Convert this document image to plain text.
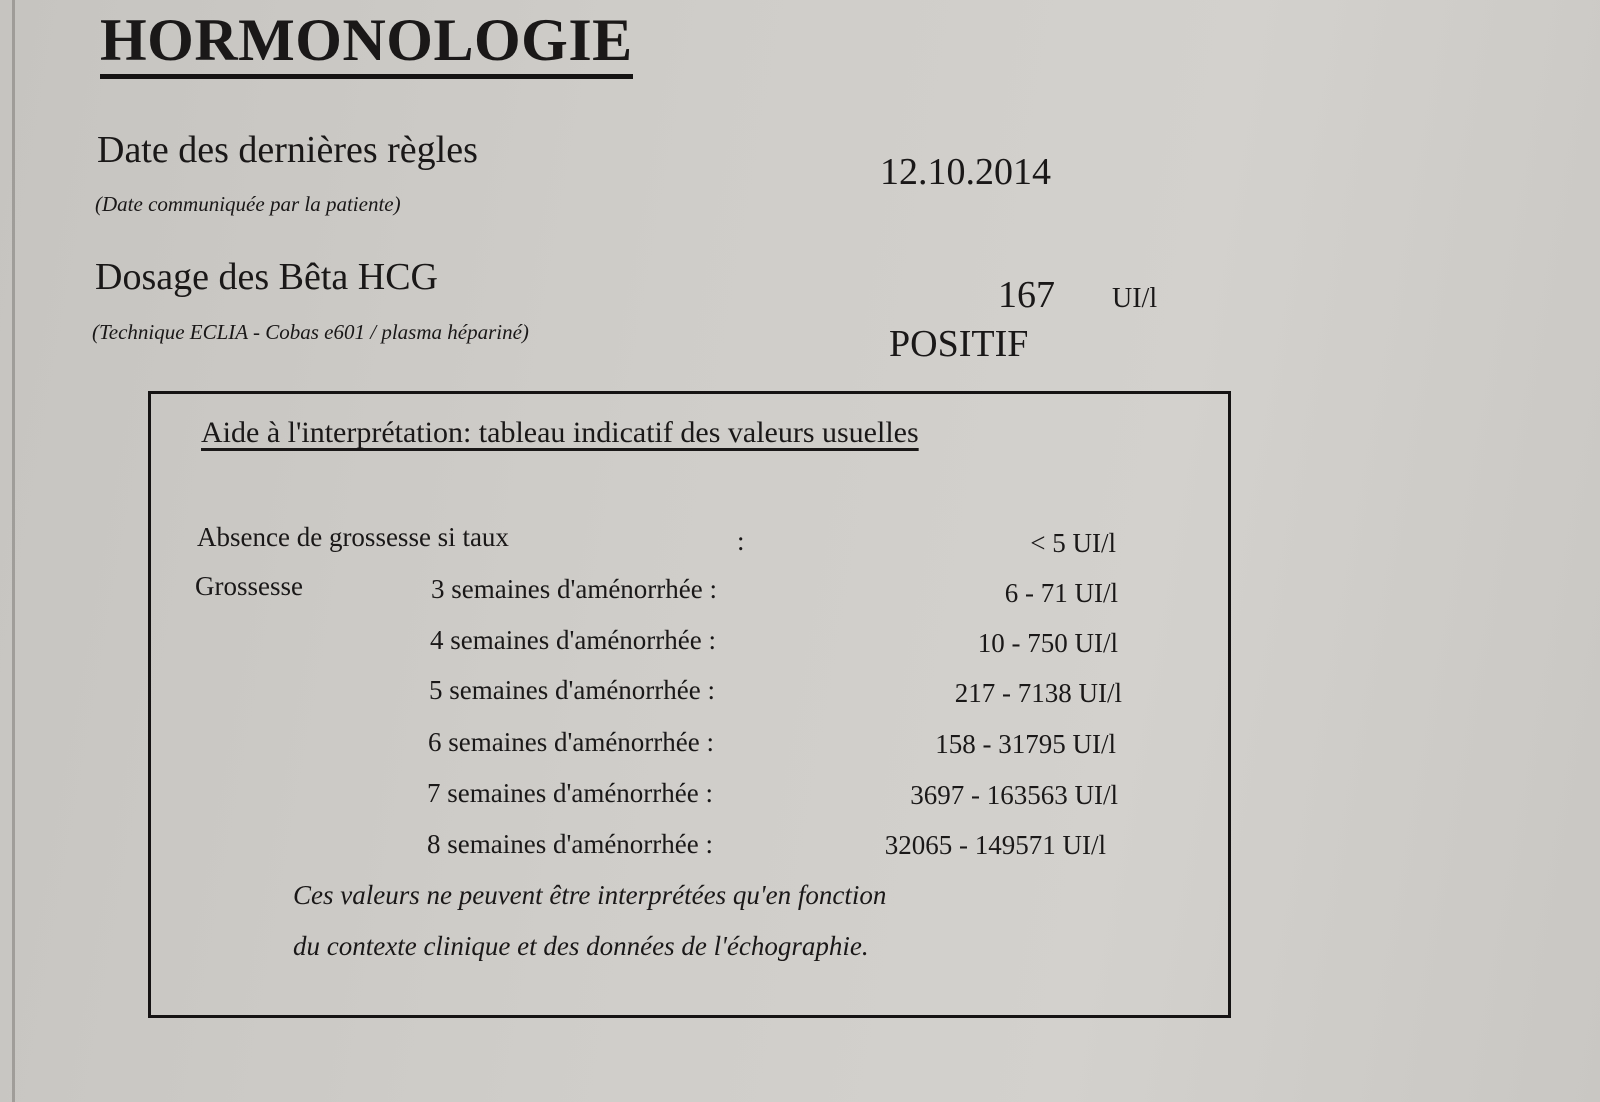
HORMONOLOGIE
Date des dernières règles
(Date communiquée par la patiente)
12.10.2014
Dosage des Bêta HCG
(Technique ECLIA - Cobas e601 / plasma hépariné)
167 UI/l
POSITIF
Aide à l'interprétation: tableau indicatif des valeurs usuelles
Absence de grossesse si taux	:	< 5 UI/l
Grossesse	3 semaines d'aménorrhée :	6 - 71 UI/l
4 semaines d'aménorrhée :	10 - 750 UI/l
5 semaines d'aménorrhée :	217 - 7138 UI/l
6 semaines d'aménorrhée :	158 - 31795 UI/l
7 semaines d'aménorrhée :	3697 - 163563 UI/l
8 semaines d'aménorrhée :	32065 - 149571 UI/l
Ces valeurs ne peuvent être interprétées qu'en fonction
du contexte clinique et des données de l'échographie.
